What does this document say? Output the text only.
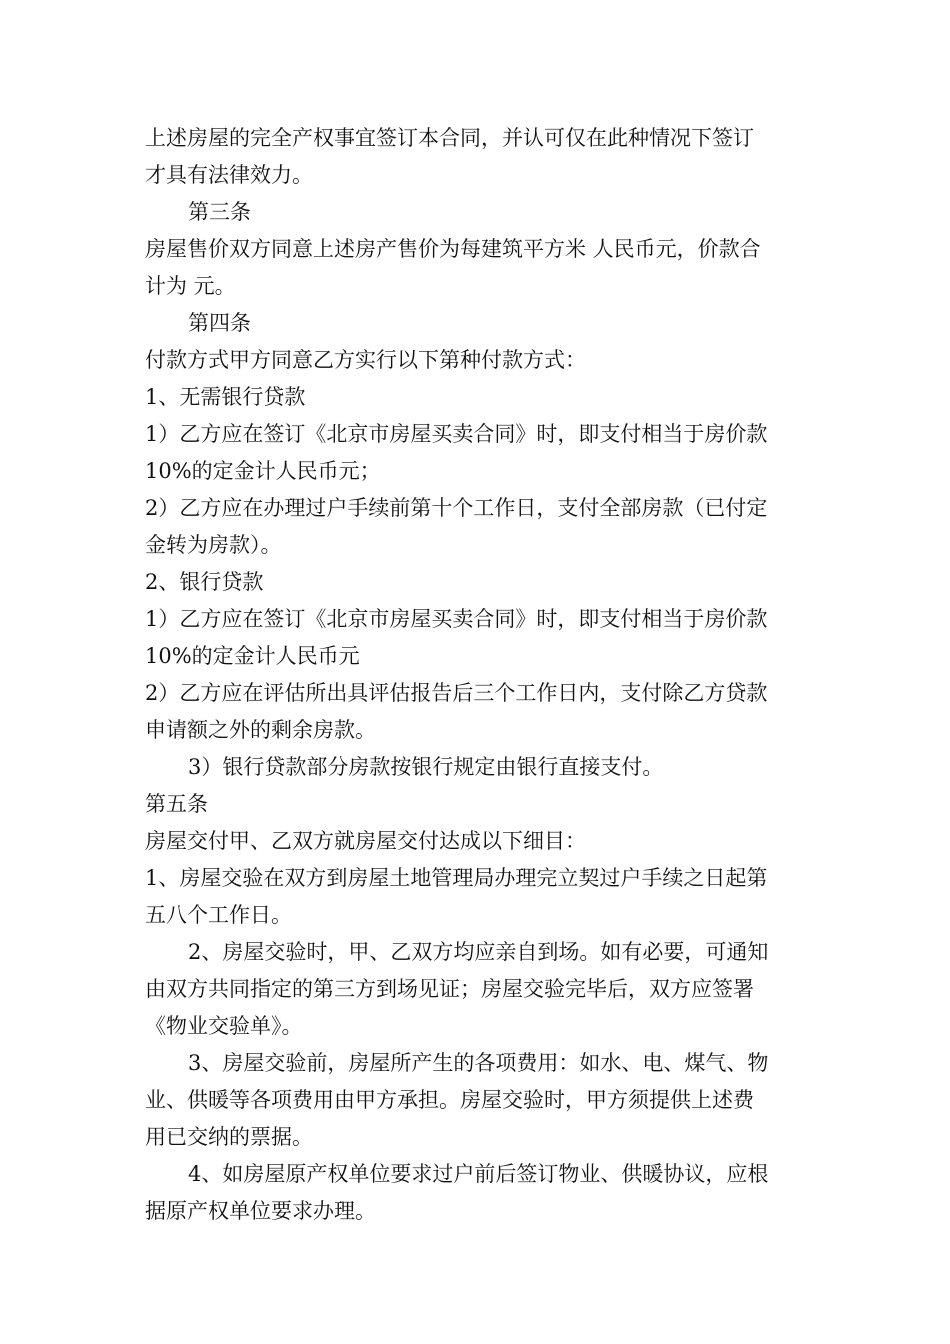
上述房屋的完全产权事宜签订本合同，并认可仅在此种情况下签订
才具有法律效力。
第三条
房屋售价双方同意上述房产售价为每建筑平方米 人民币元，价款合
计为 元。
第四条
付款方式甲方同意乙方实行以下第种付款方式：
1、无需银行贷款
1）乙方应在签订《北京市房屋买卖合同》时，即支付相当于房价款
10%的定金计人民币元；
2）乙方应在办理过户手续前第十个工作日，支付全部房款（已付定
金转为房款）。
2、银行贷款
1）乙方应在签订《北京市房屋买卖合同》时，即支付相当于房价款
10%的定金计人民币元
2）乙方应在评估所出具评估报告后三个工作日内，支付除乙方贷款
申请额之外的剩余房款。
3）银行贷款部分房款按银行规定由银行直接支付。
第五条
房屋交付甲、乙双方就房屋交付达成以下细目：
1、房屋交验在双方到房屋土地管理局办理完立契过户手续之日起第
五八个工作日。
2、房屋交验时，甲、乙双方均应亲自到场。如有必要，可通知
由双方共同指定的第三方到场见证；房屋交验完毕后，双方应签署
《物业交验单》。
3、房屋交验前，房屋所产生的各项费用：如水、电、煤气、物
业、供暖等各项费用由甲方承担。房屋交验时，甲方须提供上述费
用已交纳的票据。
4、如房屋原产权单位要求过户前后签订物业、供暖协议，应根
据原产权单位要求办理。
